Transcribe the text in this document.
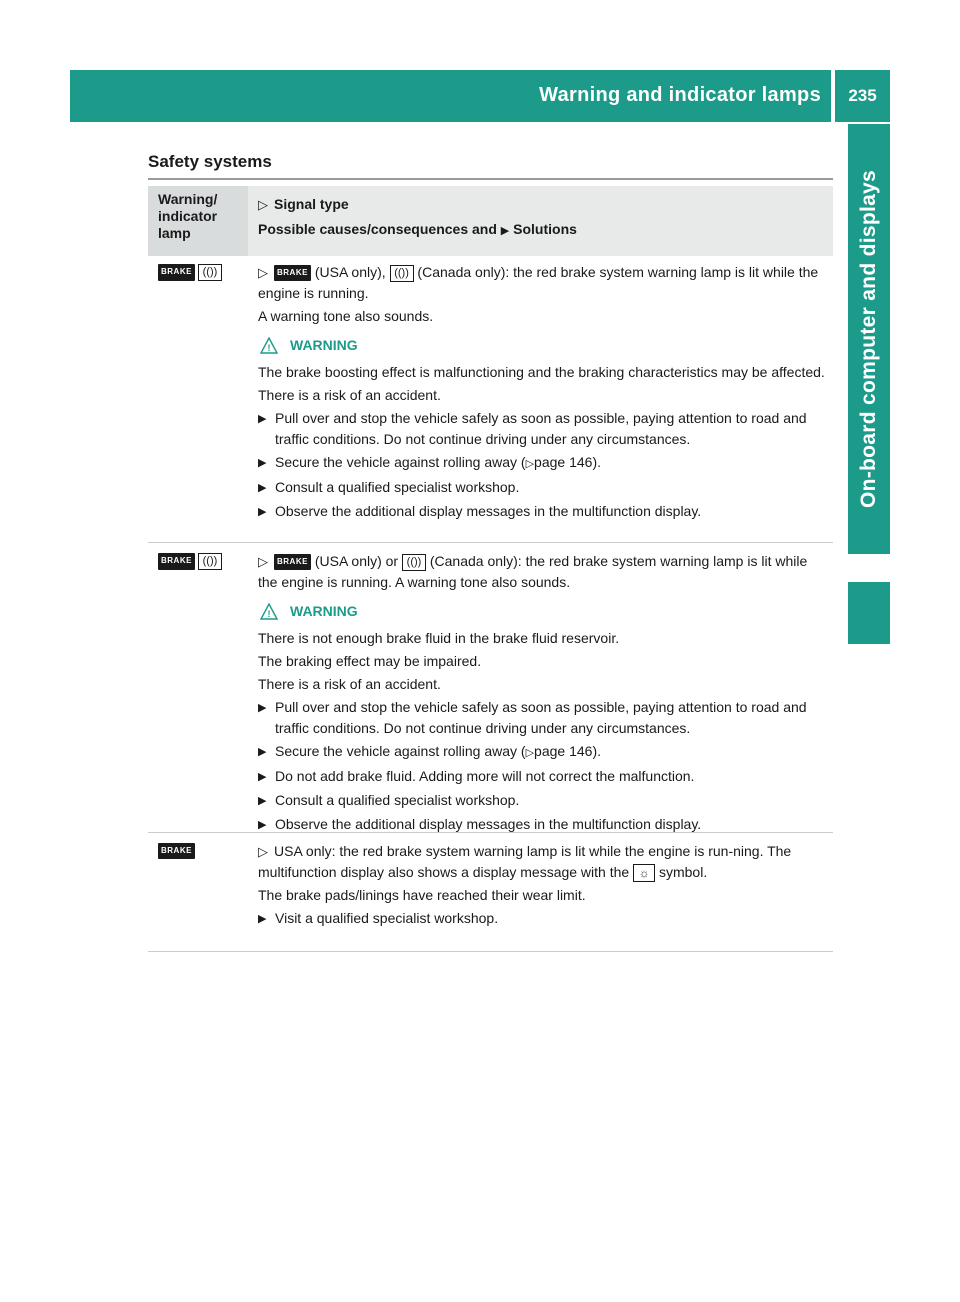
Warning and indicator lamps	235
On-board computer and displays
Safety systems
Warning/ indicator lamp
▷ Signal type
Possible causes/consequences and ▶ Solutions
BRAKE (())	▷ BRAKE (USA only), (()) (Canada only): the red brake system warning lamp is lit while the engine is running.

A warning tone also sounds.

! WARNING

The brake boosting effect is malfunctioning and the braking characteristics may be affected.

There is a risk of an accident.

▶ Pull over and stop the vehicle safely as soon as possible, paying attention to road and traffic conditions. Do not continue driving under any circumstances.
▶ Secure the vehicle against rolling away (▷page 146).
▶ Consult a qualified specialist workshop.
▶ Observe the additional display messages in the multifunction display.
BRAKE (())	▷ BRAKE (USA only) or (()) (Canada only): the red brake system warning lamp is lit while the engine is running. A warning tone also sounds.

! WARNING

There is not enough brake fluid in the brake fluid reservoir.

The braking effect may be impaired.

There is a risk of an accident.

▶ Pull over and stop the vehicle safely as soon as possible, paying attention to road and traffic conditions. Do not continue driving under any circumstances.
▶ Secure the vehicle against rolling away (▷page 146).
▶ Do not add brake fluid. Adding more will not correct the malfunction.
▶ Consult a qualified specialist workshop.
▶ Observe the additional display messages in the multifunction display.
BRAKE	▷ USA only: the red brake system warning lamp is lit while the engine is run-ning. The multifunction display also shows a display message with the ☼ symbol.

The brake pads/linings have reached their wear limit.

▶ Visit a qualified specialist workshop.
